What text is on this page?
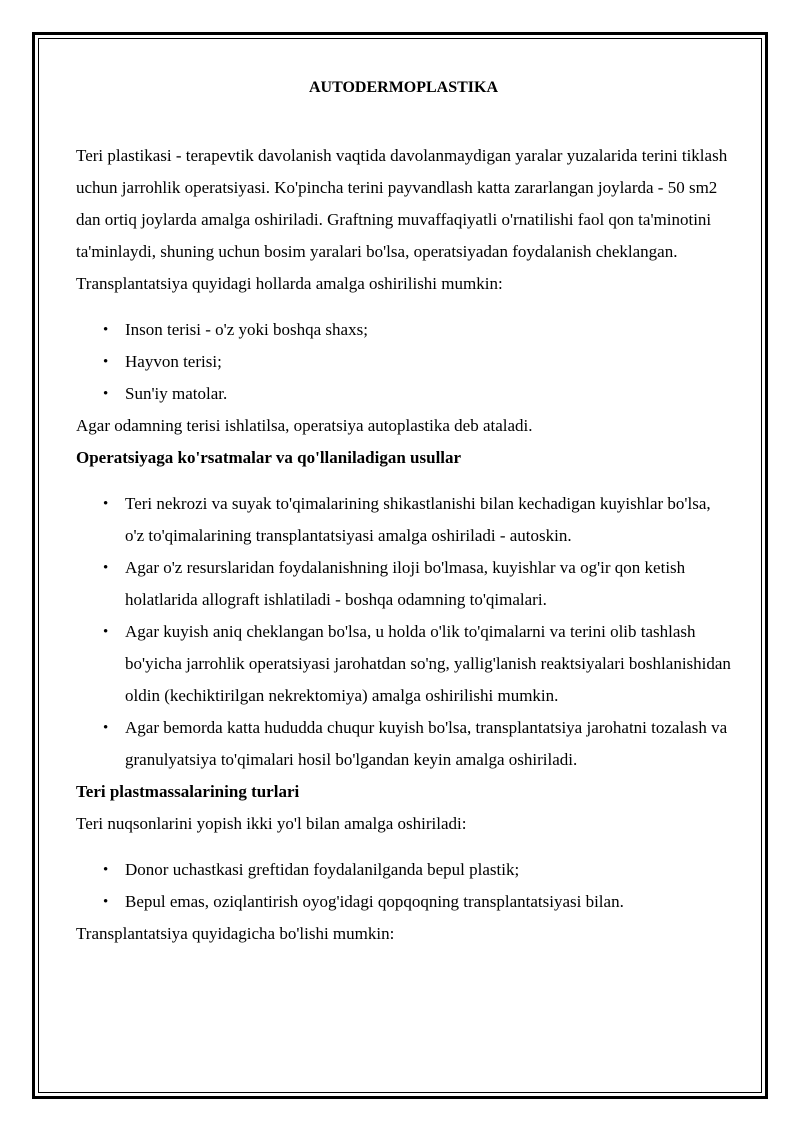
AUTODERMOPLASTIKA

Teri plastikasi - terapevtik davolanish vaqtida davolanmaydigan yaralar yuzalarida terini tiklash uchun jarrohlik operatsiyasi. Ko'pincha terini payvandlash katta zararlangan joylarda - 50 sm2 dan ortiq joylarda amalga oshiriladi. Graftning muvaffaqiyatli o'rnatilishi faol qon ta'minotini ta'minlaydi, shuning uchun bosim yaralari bo'lsa, operatsiyadan foydalanish cheklangan.

Transplantatsiya quyidagi hollarda amalga oshirilishi mumkin:

• Inson terisi - o'z yoki boshqa shaxs;
• Hayvon terisi;
• Sun'iy matolar.

Agar odamning terisi ishlatilsa, operatsiya autoplastika deb ataladi.

Operatsiyaga ko'rsatmalar va qo'llaniladigan usullar

• Teri nekrozi va suyak to'qimalarining shikastlanishi bilan kechadigan kuyishlar bo'lsa, o'z to'qimalarining transplantatsiyasi amalga oshiriladi - autoskin.
• Agar o'z resurslaridan foydalanishning iloji bo'lmasa, kuyishlar va og'ir qon ketish holatlarida allograft ishlatiladi - boshqa odamning to'qimalari.
• Agar kuyish aniq cheklangan bo'lsa, u holda o'lik to'qimalarni va terini olib tashlash bo'yicha jarrohlik operatsiyasi jarohatdan so'ng, yallig'lanish reaktsiyalari boshlanishidan oldin (kechiktirilgan nekrektomiya) amalga oshirilishi mumkin.
• Agar bemorda katta hududda chuqur kuyish bo'lsa, transplantatsiya jarohatni tozalash va granulyatsiya to'qimalari hosil bo'lgandan keyin amalga oshiriladi.

Teri plastmassalarining turlari

Teri nuqsonlarini yopish ikki yo'l bilan amalga oshiriladi:

• Donor uchastkasi greftidan foydalanilganda bepul plastik;
• Bepul emas, oziqlantirish oyog'idagi qopqoqning transplantatsiyasi bilan.

Transplantatsiya quyidagicha bo'lishi mumkin:
